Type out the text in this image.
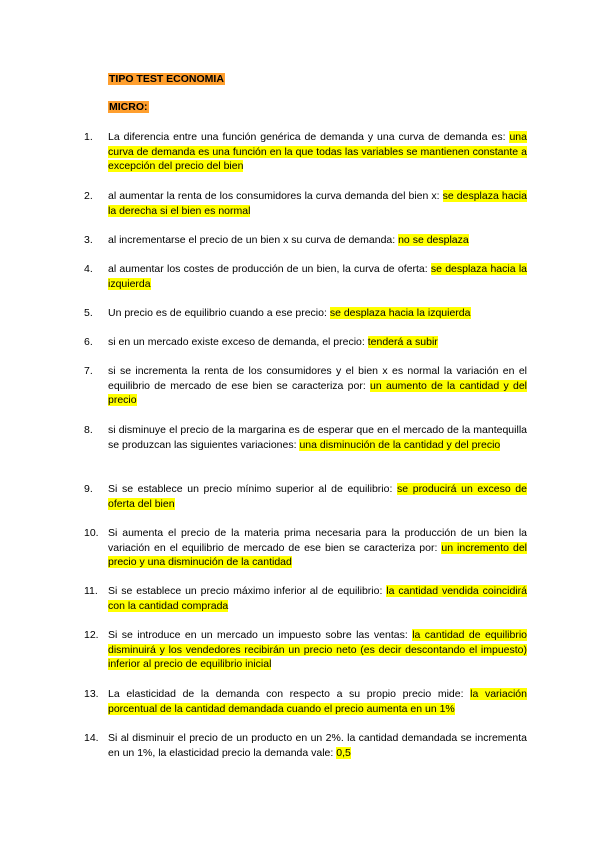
TIPO TEST ECONOMIA
MICRO:
1.	La diferencia entre una función genérica de demanda y una curva de demanda es: una curva de demanda es una función en la que todas las variables se mantienen constante a excepción del precio del bien
2.	al aumentar la renta de los consumidores la curva demanda del bien x: se desplaza hacia la derecha si el bien es normal
3.	al incrementarse el precio de un bien x su curva de demanda: no se desplaza
4.	al aumentar los costes de producción de un bien, la curva de oferta: se desplaza hacia la izquierda
5.	Un precio es de equilibrio cuando a ese precio: se desplaza hacia la izquierda
6.	si en un mercado existe exceso de demanda, el precio: tenderá a subir
7.	si se incrementa la renta de los consumidores y el bien x es normal la variación en el equilibrio de mercado de ese bien se caracteriza por: un aumento de la cantidad y del precio
8.	si disminuye el precio de la margarina es de esperar que en el mercado de la mantequilla se produzcan las siguientes variaciones: una disminución de la cantidad y del precio
9.	Si se establece un precio mínimo superior al de equilibrio: se producirá un exceso de oferta del bien
10. Si aumenta el precio de la materia prima necesaria para la producción de un bien la variación en el equilibrio de mercado de ese bien se caracteriza por: un incremento del precio y una disminución de la cantidad
11. Si se establece un precio máximo inferior al de equilibrio: la cantidad vendida coincidirá con la cantidad comprada
12. Si se introduce en un mercado un impuesto sobre las ventas: la cantidad de equilibrio disminuirá y los vendedores recibirán un precio neto (es decir descontando el impuesto) inferior al precio de equilibrio inicial
13. La elasticidad de la demanda con respecto a su propio precio mide: la variación porcentual de la cantidad demandada cuando el precio aumenta en un 1%
14. Si al disminuir el precio de un producto en un 2%. la cantidad demandada se incrementa en un 1%, la elasticidad precio la demanda vale: 0,5
